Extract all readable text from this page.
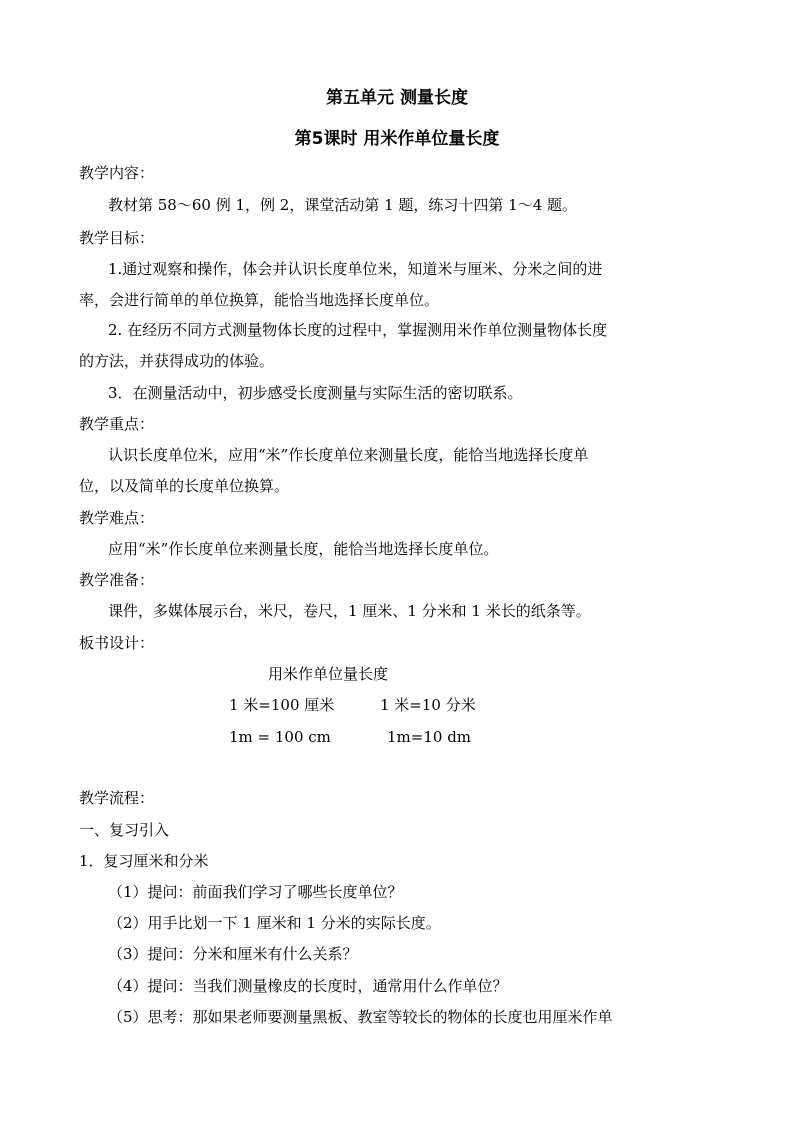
第五单元 测量长度
第5课时 用米作单位量长度
教学内容：
教材第 58～60 例 1，例 2，课堂活动第 1 题，练习十四第 1～4 题。
教学目标：
1.通过观察和操作，体会并认识长度单位米，知道米与厘米、分米之间的进
率，会进行简单的单位换算，能恰当地选择长度单位。
2. 在经历不同方式测量物体长度的过程中，掌握测用米作单位测量物体长度
的方法，并获得成功的体验。
3．在测量活动中，初步感受长度测量与实际生活的密切联系。
教学重点：
认识长度单位米，应用“米”作长度单位来测量长度，能恰当地选择长度单
位，以及简单的长度单位换算。
教学难点：
应用“米”作长度单位来测量长度，能恰当地选择长度单位。
教学准备：
课件，多媒体展示台，米尺，卷尺，1 厘米、1 分米和 1 米长的纸条等。
板书设计：
用米作单位量长度
1 米=100 厘米	1 米=10 分米
1m = 100 cm	1m=10 dm
教学流程：
一、复习引入
1．复习厘米和分米
（1）提问：前面我们学习了哪些长度单位？
（2）用手比划一下 1 厘米和 1 分米的实际长度。
（3）提问：分米和厘米有什么关系？
（4）提问：当我们测量橡皮的长度时，通常用什么作单位？
（5）思考：那如果老师要测量黑板、教室等较长的物体的长度也用厘米作单
